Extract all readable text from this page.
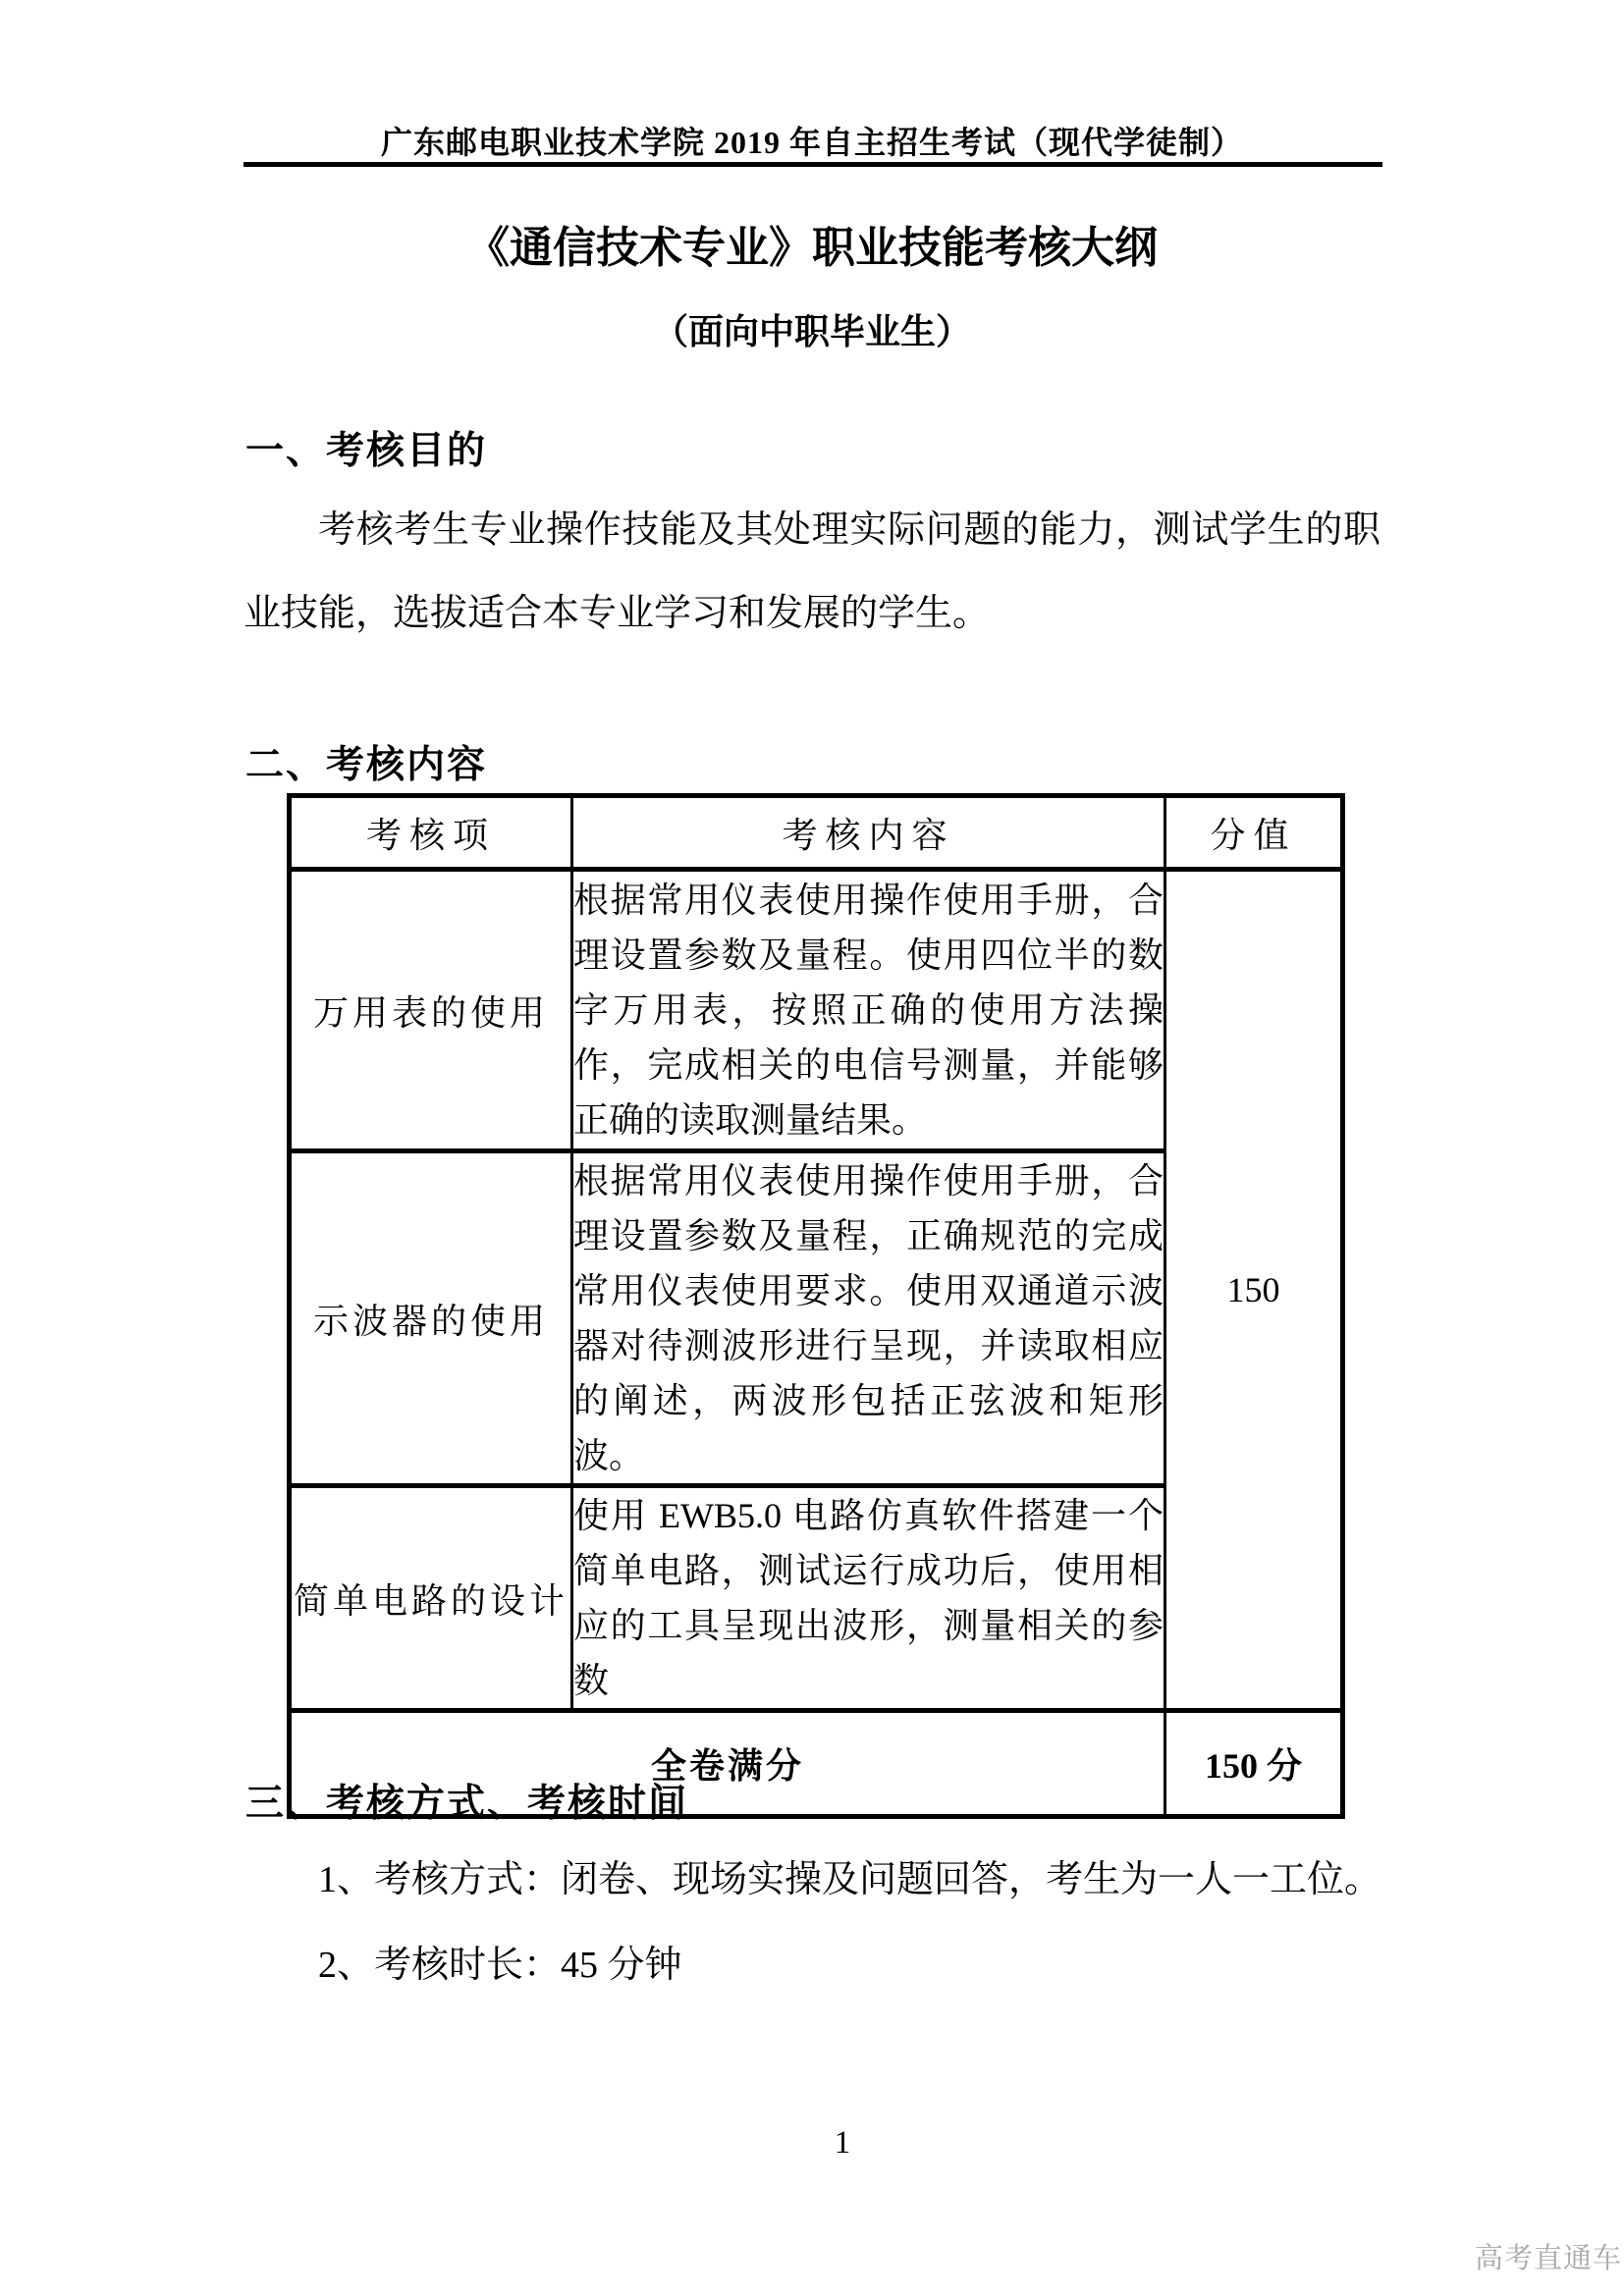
广东邮电职业技术学院 2019 年自主招生考试（现代学徒制）
《通信技术专业》职业技能考核大纲
（面向中职毕业生）
一、考核目的
考核考生专业操作技能及其处理实际问题的能力，测试学生的职业技能，选拔适合本专业学习和发展的学生。
二、考核内容
考核项	考核内容	分值
万用表的使用	根据常用仪表使用操作使用手册，合理设置参数及量程。使用四位半的数字万用表，按照正确的使用方法操作，完成相关的电信号测量，并能够正确的读取测量结果。	150
示波器的使用	根据常用仪表使用操作使用手册，合理设置参数及量程，正确规范的完成常用仪表使用要求。使用双通道示波器对待测波形进行呈现，并读取相应的阐述，两波形包括正弦波和矩形波。	
简单电路的设计	使用 EWB5.0 电路仿真软件搭建一个简单电路，测试运行成功后，使用相应的工具呈现出波形，测量相关的参数	
全卷满分		150 分
三、考核方式、考核时间
1、考核方式：闭卷、现场实操及问题回答，考生为一人一工位。
2、考核时长：45 分钟
1
高考直通车
